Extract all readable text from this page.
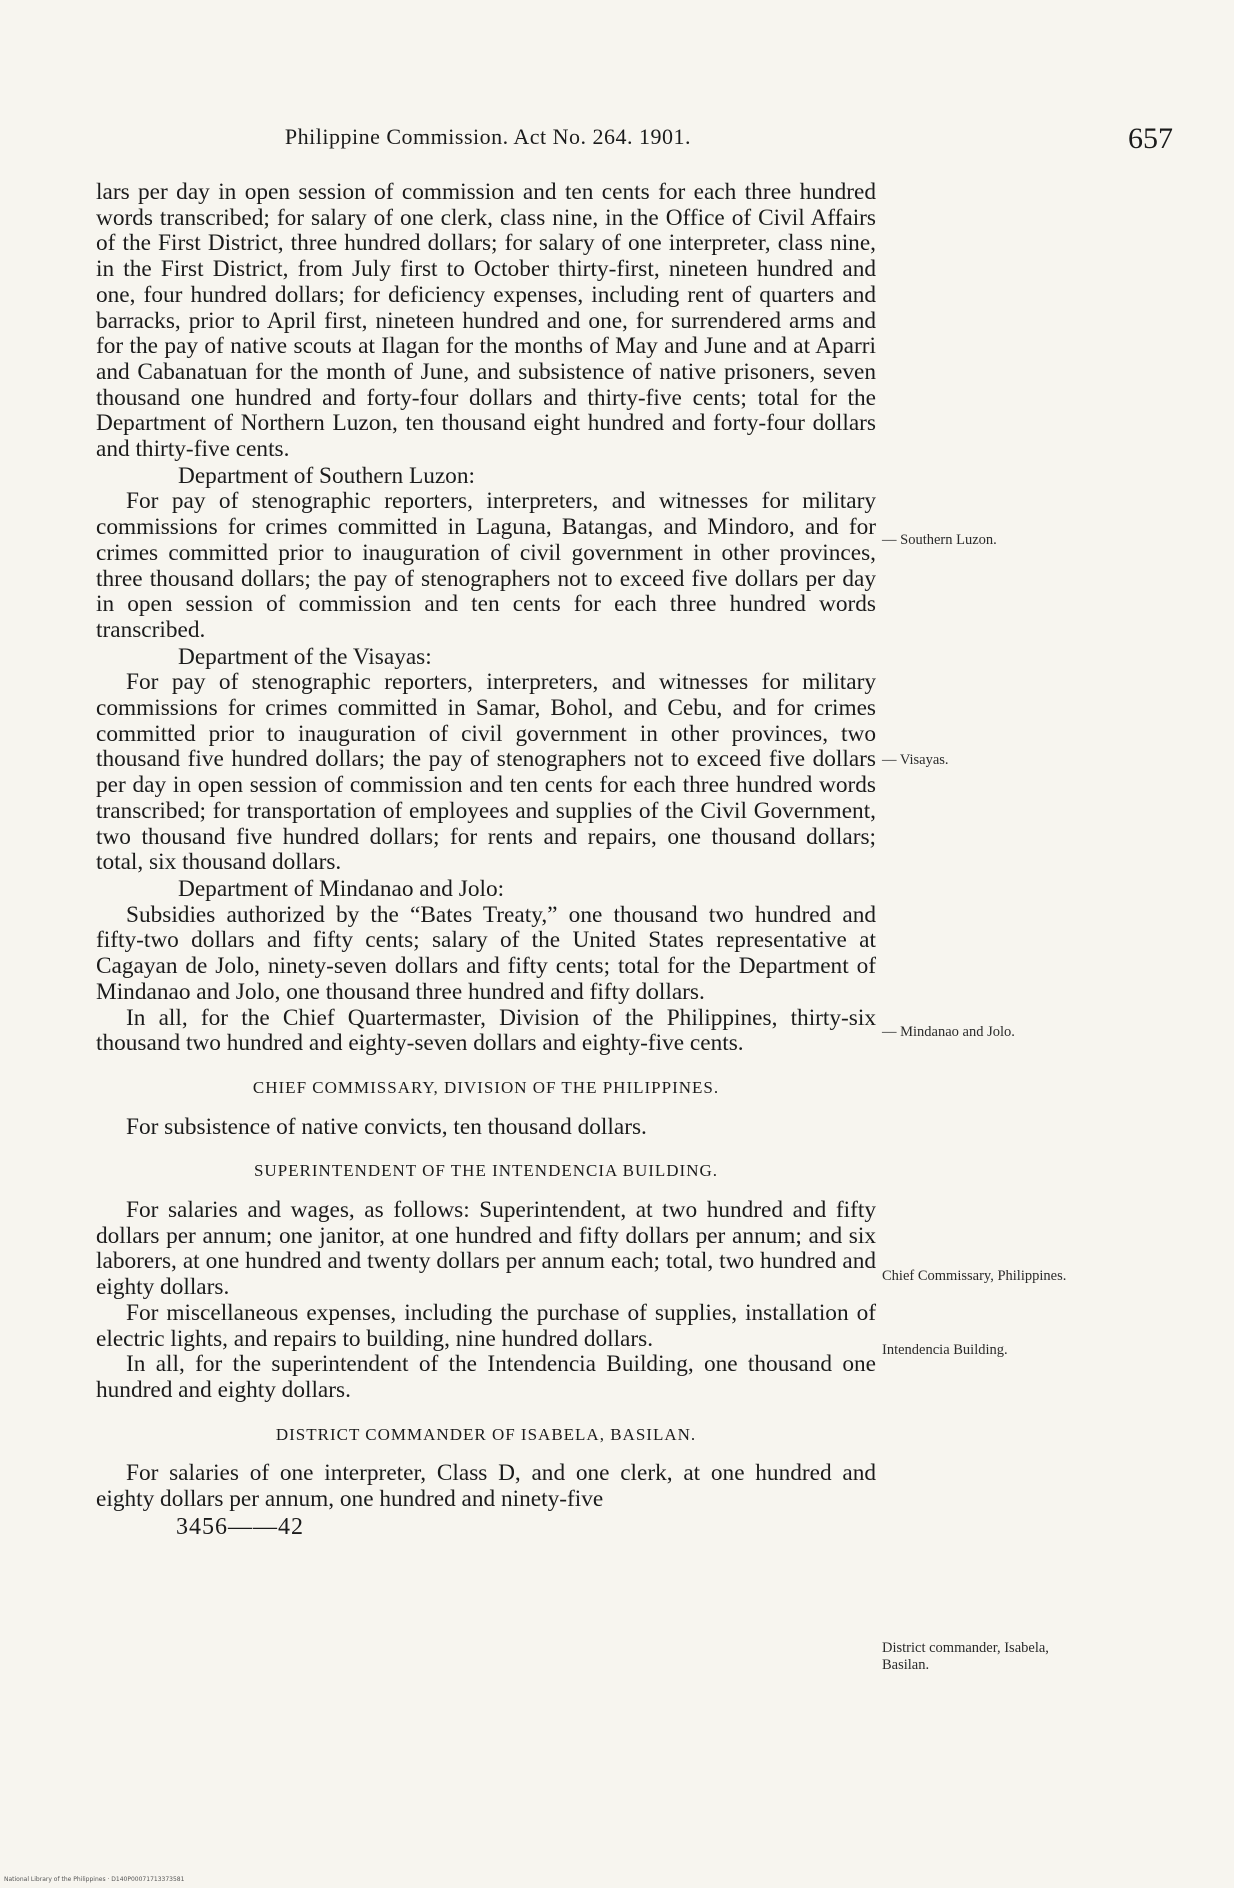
Philippine Commission. Act No. 264. 1901.	657

lars per day in open session of commission and ten cents for each three hundred words transcribed; for salary of one clerk, class nine, in the Office of Civil Affairs of the First District, three hundred dollars; for salary of one interpreter, class nine, in the First District, from July first to October thirty-first, nineteen hundred and one, four hundred dollars; for deficiency expenses, including rent of quarters and barracks, prior to April first, nineteen hundred and one, for surrendered arms and for the pay of native scouts at Ilagan for the months of May and June and at Aparri and Cabanatuan for the month of June, and subsistence of native prisoners, seven thousand one hundred and forty-four dollars and thirty-five cents; total for the Department of Northern Luzon, ten thousand eight hundred and forty-four dollars and thirty-five cents.

Department of Southern Luzon:

For pay of stenographic reporters, interpreters, and witnesses for military commissions for crimes committed in Laguna, Batangas, and Mindoro, and for crimes committed prior to inauguration of civil government in other provinces, three thousand dollars; the pay of stenographers not to exceed five dollars per day in open session of commission and ten cents for each three hundred words transcribed.

Department of the Visayas:

For pay of stenographic reporters, interpreters, and witnesses for military commissions for crimes committed in Samar, Bohol, and Cebu, and for crimes committed prior to inauguration of civil government in other provinces, two thousand five hundred dollars; the pay of stenographers not to exceed five dollars per day in open session of commission and ten cents for each three hundred words transcribed; for transportation of employees and supplies of the Civil Government, two thousand five hundred dollars; for rents and repairs, one thousand dollars; total, six thousand dollars.

Department of Mindanao and Jolo:

Subsidies authorized by the “Bates Treaty,” one thousand two hundred and fifty-two dollars and fifty cents; salary of the United States representative at Cagayan de Jolo, ninety-seven dollars and fifty cents; total for the Department of Mindanao and Jolo, one thousand three hundred and fifty dollars.

In all, for the Chief Quartermaster, Division of the Philippines, thirty-six thousand two hundred and eighty-seven dollars and eighty-five cents.

CHIEF COMMISSARY, DIVISION OF THE PHILIPPINES.

For subsistence of native convicts, ten thousand dollars.

SUPERINTENDENT OF THE INTENDENCIA BUILDING.

For salaries and wages, as follows: Superintendent, at two hundred and fifty dollars per annum; one janitor, at one hundred and fifty dollars per annum; and six laborers, at one hundred and twenty dollars per annum each; total, two hundred and eighty dollars.

For miscellaneous expenses, including the purchase of supplies, installation of electric lights, and repairs to building, nine hundred dollars.

In all, for the superintendent of the Intendencia Building, one thousand one hundred and eighty dollars.

DISTRICT COMMANDER OF ISABELA, BASILAN.

For salaries of one interpreter, Class D, and one clerk, at one hundred and eighty dollars per annum, one hundred and ninety-five

3456——42
— Southern Luzon.
— Visayas.
— Mindanao and Jolo.
Chief Commissary, Philippines.
Intendencia Building.
District commander, Isabela, Basilan.
National Library of the Philippines · D140P00071713373581
